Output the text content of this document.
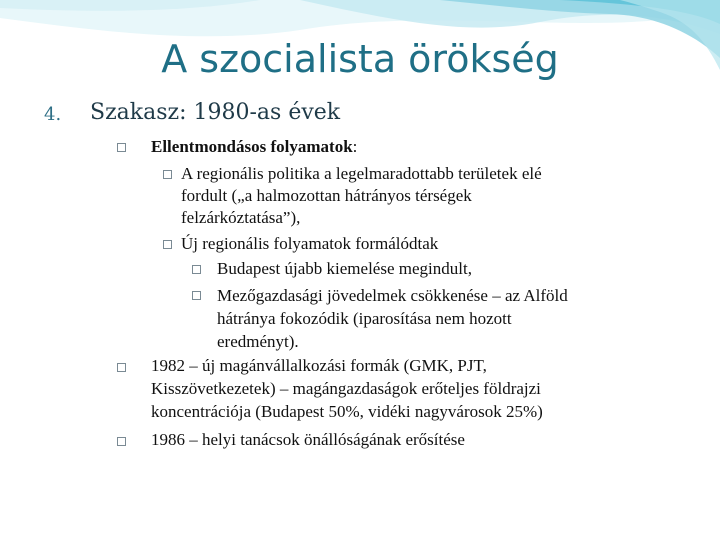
A szocialista örökség
4. Szakasz: 1980-as évek
Ellentmondásos folyamatok:
A regionális politika a legelmaradottabb területek elé
fordult („a halmozottan hátrányos térségek
felzárkóztatása”),
Új regionális folyamatok formálódtak
Budapest újabb kiemelése megindult,
Mezőgazdasági jövedelmek csökkenése – az Alföld
hátránya fokozódik (iparosítása nem hozott
eredményt).
1982 – új magánvállalkozási formák (GMK, PJT,
Kisszövetkezetek) – magángazdaságok erőteljes földrajzi
koncentrációja (Budapest 50%, vidéki nagyvárosok 25%)
1986 – helyi tanácsok önállóságának erősítése
